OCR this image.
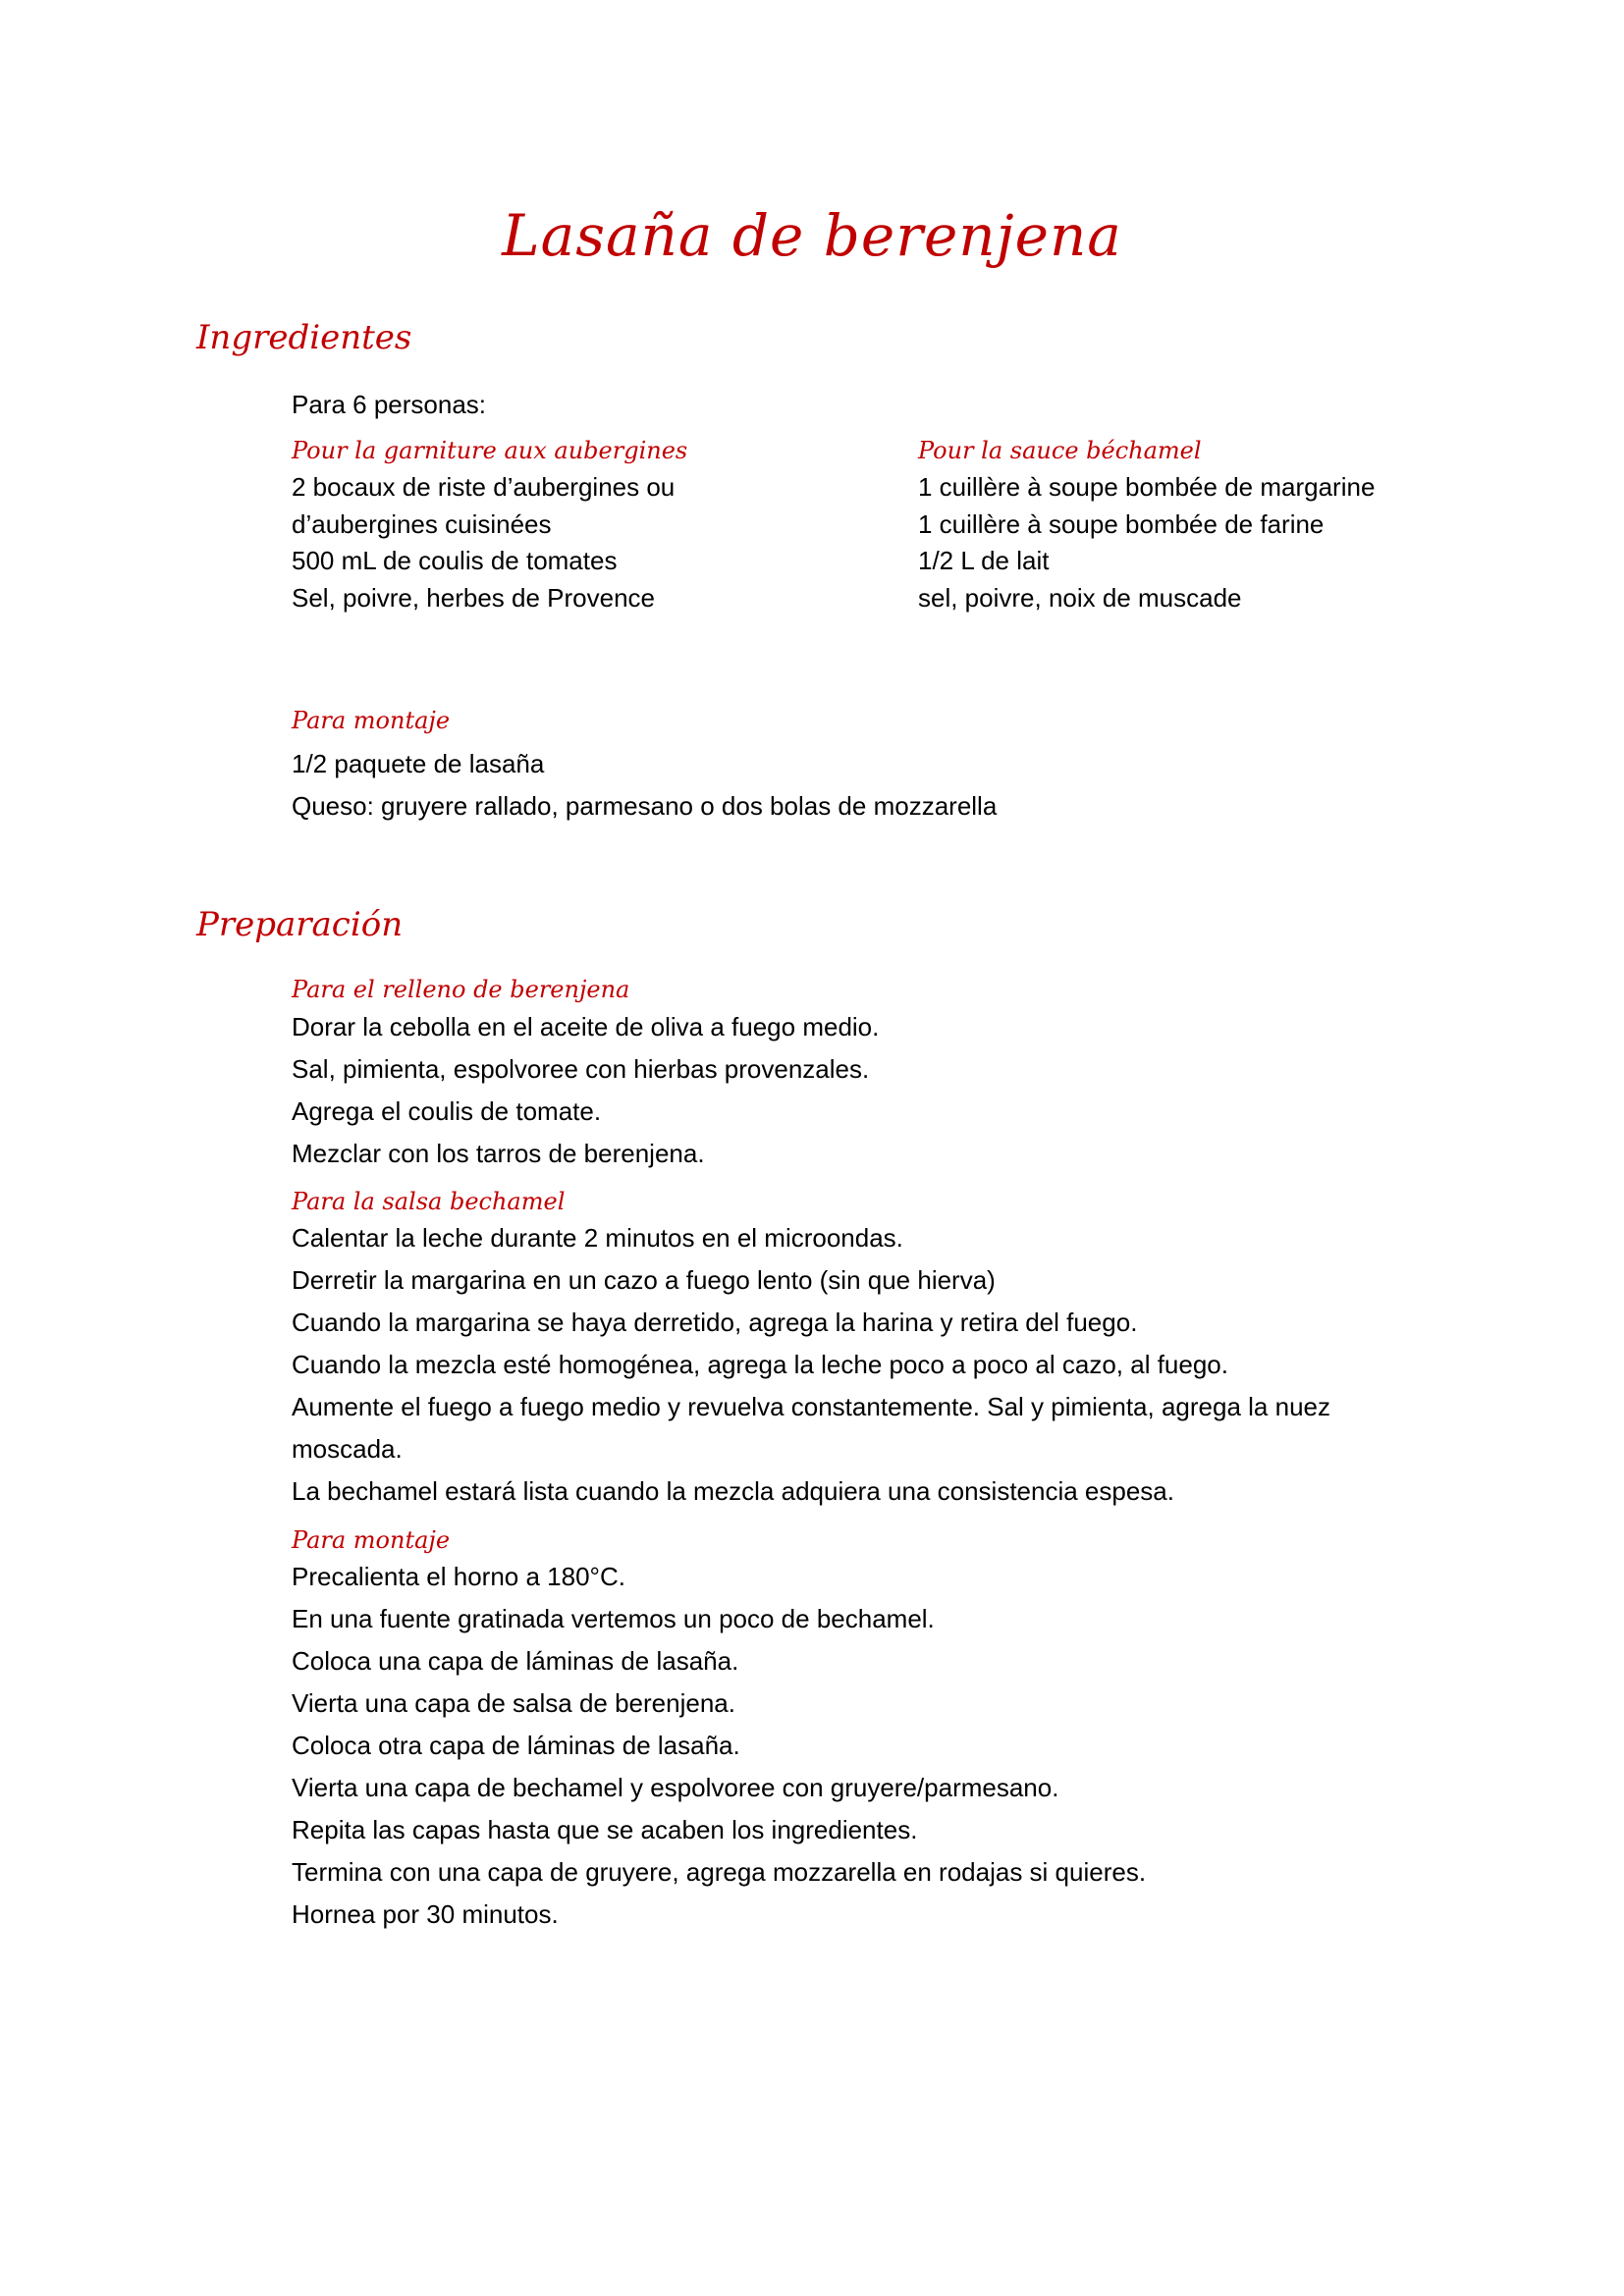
Lasaña de berenjena
Ingredientes
Para 6 personas:
Pour la garniture aux aubergines
2 bocaux de riste d’aubergines ou
d’aubergines cuisinées
500 mL de coulis de tomates
Sel, poivre, herbes de Provence
Pour la sauce béchamel
1 cuillère à soupe bombée de margarine
1 cuillère à soupe bombée de farine
1/2 L de lait
sel, poivre, noix de muscade
Para montaje
1/2 paquete de lasaña
Queso: gruyere rallado, parmesano o dos bolas de mozzarella
Preparación
Para el relleno de berenjena
Dorar la cebolla en el aceite de oliva a fuego medio.
Sal, pimienta, espolvoree con hierbas provenzales.
Agrega el coulis de tomate.
Mezclar con los tarros de berenjena.
Para la salsa bechamel
Calentar la leche durante 2 minutos en el microondas.
Derretir la margarina en un cazo a fuego lento (sin que hierva)
Cuando la margarina se haya derretido, agrega la harina y retira del fuego.
Cuando la mezcla esté homogénea, agrega la leche poco a poco al cazo, al fuego.
Aumente el fuego a fuego medio y revuelva constantemente. Sal y pimienta, agrega la nuez
moscada.
La bechamel estará lista cuando la mezcla adquiera una consistencia espesa.
Para montaje
Precalienta el horno a 180°C.
En una fuente gratinada vertemos un poco de bechamel.
Coloca una capa de láminas de lasaña.
Vierta una capa de salsa de berenjena.
Coloca otra capa de láminas de lasaña.
Vierta una capa de bechamel y espolvoree con gruyere/parmesano.
Repita las capas hasta que se acaben los ingredientes.
Termina con una capa de gruyere, agrega mozzarella en rodajas si quieres.
Hornea por 30 minutos.
